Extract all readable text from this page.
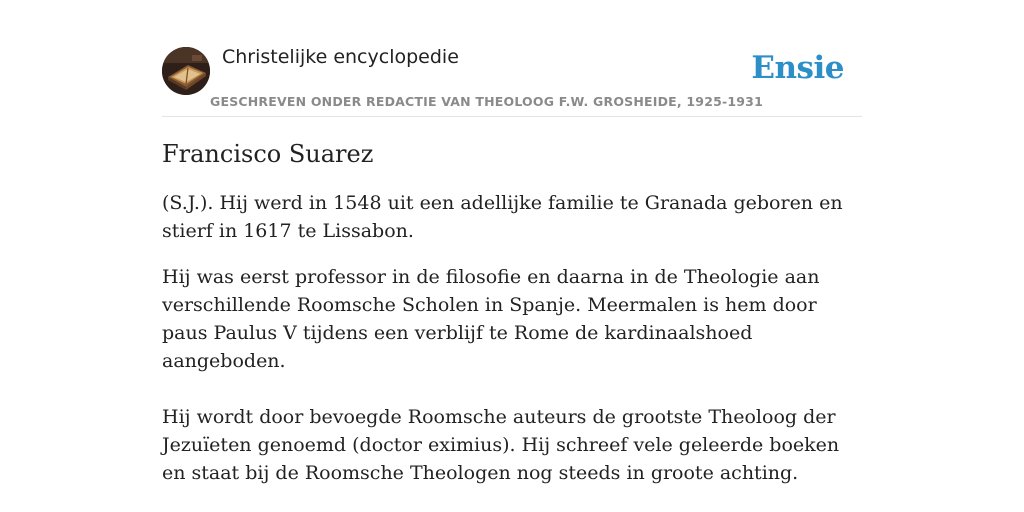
Christelijke encyclopedie
GESCHREVEN ONDER REDACTIE VAN THEOLOOG F.W. GROSHEIDE, 1925-1931
Ensie
Francisco Suarez

(S.J.). Hij werd in 1548 uit een adellijke familie te Granada geboren en stierf in 1617 te Lissabon.

Hij was eerst professor in de filosofie en daarna in de Theologie aan verschillende Roomsche Scholen in Spanje. Meermalen is hem door paus Paulus V tijdens een verblijf te Rome de kardinaalshoed aangeboden.

Hij wordt door bevoegde Roomsche auteurs de grootste Theoloog der Jezuïeten genoemd (doctor eximius). Hij schreef vele geleerde boeken en staat bij de Roomsche Theologen nog steeds in groote achting.
